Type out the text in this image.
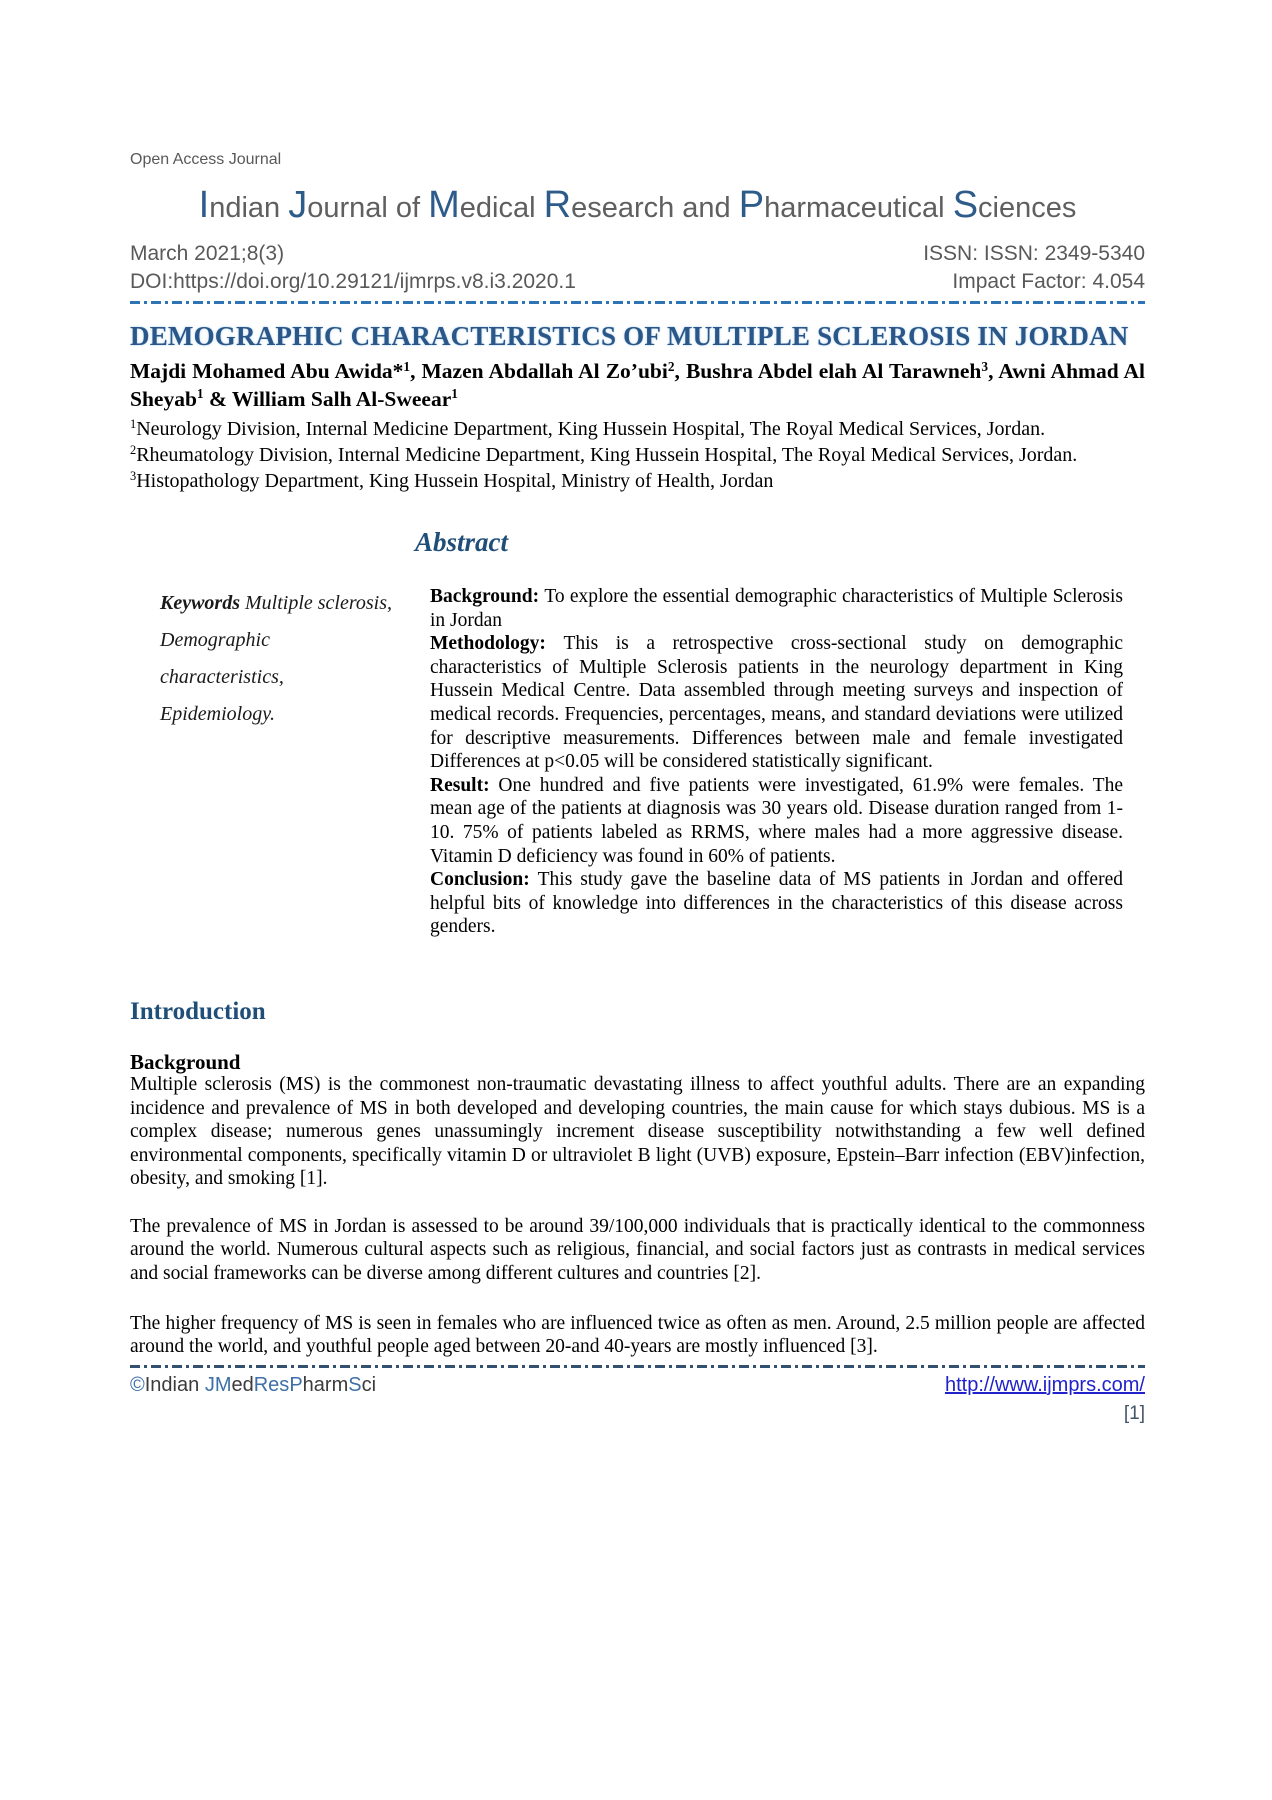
Open Access Journal
Indian Journal of Medical Research and Pharmaceutical Sciences
March 2021;8(3)	ISSN: ISSN: 2349-5340
DOI:https://doi.org/10.29121/ijmrps.v8.i3.2020.1	Impact Factor: 4.054
DEMOGRAPHIC CHARACTERISTICS OF MULTIPLE SCLEROSIS IN JORDAN

Majdi Mohamed Abu Awida*$^1$, Mazen Abdallah Al Zo’ubi$^2$, Bushra Abdel elah Al Tarawneh$^3$, Awni Ahmad Al Sheyab$^1$ & William Salh Al-Sweear$^1$

$^1$Neurology Division, Internal Medicine Department, King Hussein Hospital, The Royal Medical Services, Jordan.

$^2$Rheumatology Division, Internal Medicine Department, King Hussein Hospital, The Royal Medical Services, Jordan.

$^3$Histopathology Department, King Hussein Hospital, Ministry of Health, Jordan

Abstract
Keywords Multiple sclerosis, Demographic characteristics, Epidemiology.

Background: To explore the essential demographic characteristics of Multiple Sclerosis in Jordan

Methodology: This is a retrospective cross-sectional study on demographic characteristics of Multiple Sclerosis patients in the neurology department in King Hussein Medical Centre. Data assembled through meeting surveys and inspection of medical records. Frequencies, percentages, means, and standard deviations were utilized for descriptive measurements. Differences between male and female investigated Differences at p<0.05 will be considered statistically significant.

Result: One hundred and five patients were investigated, 61.9% were females. The mean age of the patients at diagnosis was 30 years old. Disease duration ranged from 1-10. 75% of patients labeled as RRMS, where males had a more aggressive disease. Vitamin D deficiency was found in 60% of patients.

Conclusion: This study gave the baseline data of MS patients in Jordan and offered helpful bits of knowledge into differences in the characteristics of this disease across genders.

Introduction
Background

Multiple sclerosis (MS) is the commonest non-traumatic devastating illness to affect youthful adults. There are an expanding incidence and prevalence of MS in both developed and developing countries, the main cause for which stays dubious. MS is a complex disease; numerous genes unassumingly increment disease susceptibility notwithstanding a few well defined environmental components, specifically vitamin D or ultraviolet B light (UVB) exposure, Epstein–Barr infection (EBV)infection, obesity, and smoking [1].

The prevalence of MS in Jordan is assessed to be around 39/100,000 individuals that is practically identical to the commonness around the world. Numerous cultural aspects such as religious, financial, and social factors just as contrasts in medical services and social frameworks can be diverse among different cultures and countries [2].

The higher frequency of MS is seen in females who are influenced twice as often as men. Around, 2.5 million people are affected around the world, and youthful people aged between 20-and 40-years are mostly influenced [3].

©Indian JMedResPharmSci	http://www.ijmprs.com/
[1]
